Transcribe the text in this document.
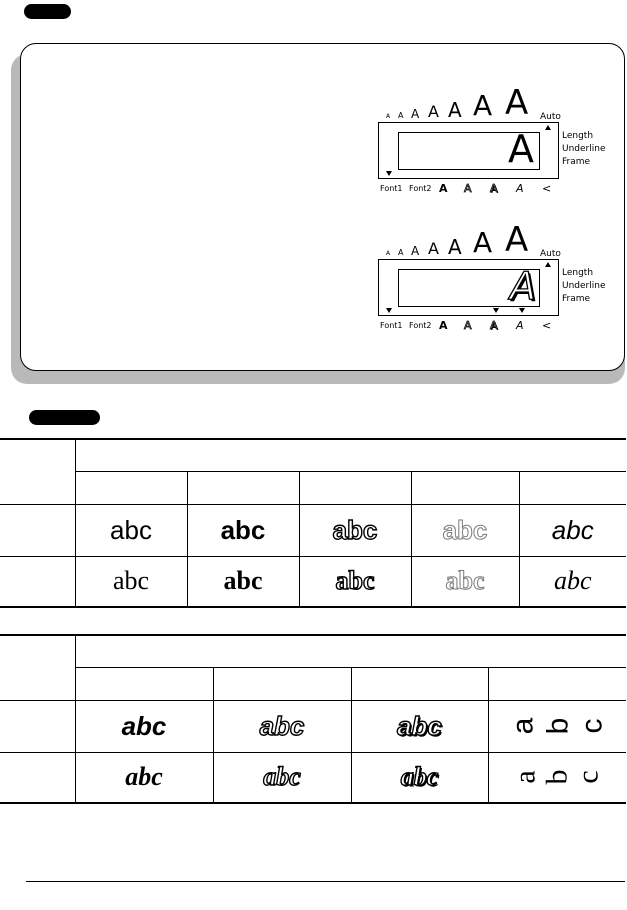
A A A A A A A Auto
A	Length
Underline
Frame
Font1 Font2 A A A A <
A A A A A A A Auto
A	Length
Underline
Frame
Font1 Font2 A A A A <

	abc	abc	abc	abc	abc
	abc	abc	abc	abc	abc

	abc	abc	abc	a b c
	abc	abc	abc	a b c
